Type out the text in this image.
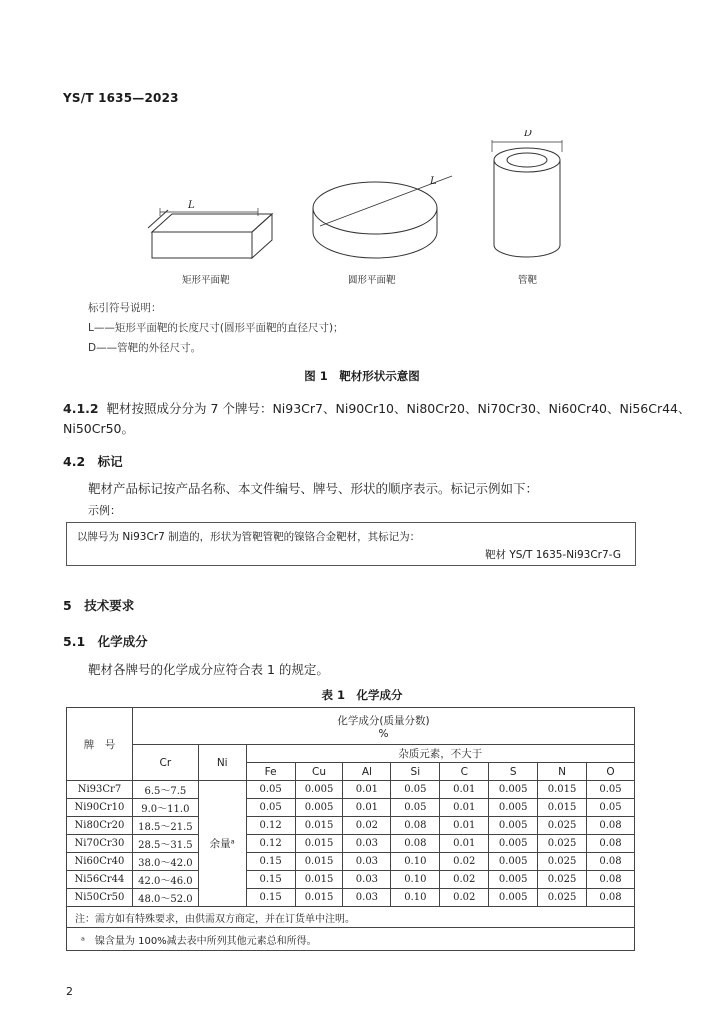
YS/T 1635—2023
L
矩形平面靶
L
圆形平面靶
D
管靶
标引符号说明：
L——矩形平面靶的长度尺寸(圆形平面靶的直径尺寸)；
D——管靶的外径尺寸。
图 1　靶材形状示意图
4.1.2 靶材按照成分分为 7 个牌号：Ni93Cr7、Ni90Cr10、Ni80Cr20、Ni70Cr30、Ni60Cr40、Ni56Cr44、
Ni50Cr50。
4.2　标记
靶材产品标记按产品名称、本文件编号、牌号、形状的顺序表示。标记示例如下：
示例：
以牌号为 Ni93Cr7 制造的，形状为管靶管靶的镍铬合金靶材，其标记为：
靶材 YS/T 1635-Ni93Cr7-G
5　技术要求
5.1　化学成分
靶材各牌号的化学成分应符合表 1 的规定。
表 1　化学成分
牌　号	化学成分(质量分数)
%									

	Cr	Ni	杂质元素，不大于							
			Fe	Cu	Al	Si	C	S	N	O
Ni93Cr7	6.5～7.5	余量ᵃ	0.05	0.005	0.01	0.05	0.01	0.005	0.015	0.05
Ni90Cr10	9.0～11.0		0.05	0.005	0.01	0.05	0.01	0.005	0.015	0.05
Ni80Cr20	18.5～21.5		0.12	0.015	0.02	0.08	0.01	0.005	0.025	0.08
Ni70Cr30	28.5～31.5		0.12	0.015	0.03	0.08	0.01	0.005	0.025	0.08
Ni60Cr40	38.0～42.0		0.15	0.015	0.03	0.10	0.02	0.005	0.025	0.08
Ni56Cr44	42.0～46.0		0.15	0.015	0.03	0.10	0.02	0.005	0.025	0.08
Ni50Cr50	48.0～52.0		0.15	0.015	0.03	0.10	0.02	0.005	0.025	0.08
注：需方如有特殊要求，由供需双方商定，并在订货单中注明。										
ᵃ　镍含量为 100%减去表中所列其他元素总和所得。										
2
